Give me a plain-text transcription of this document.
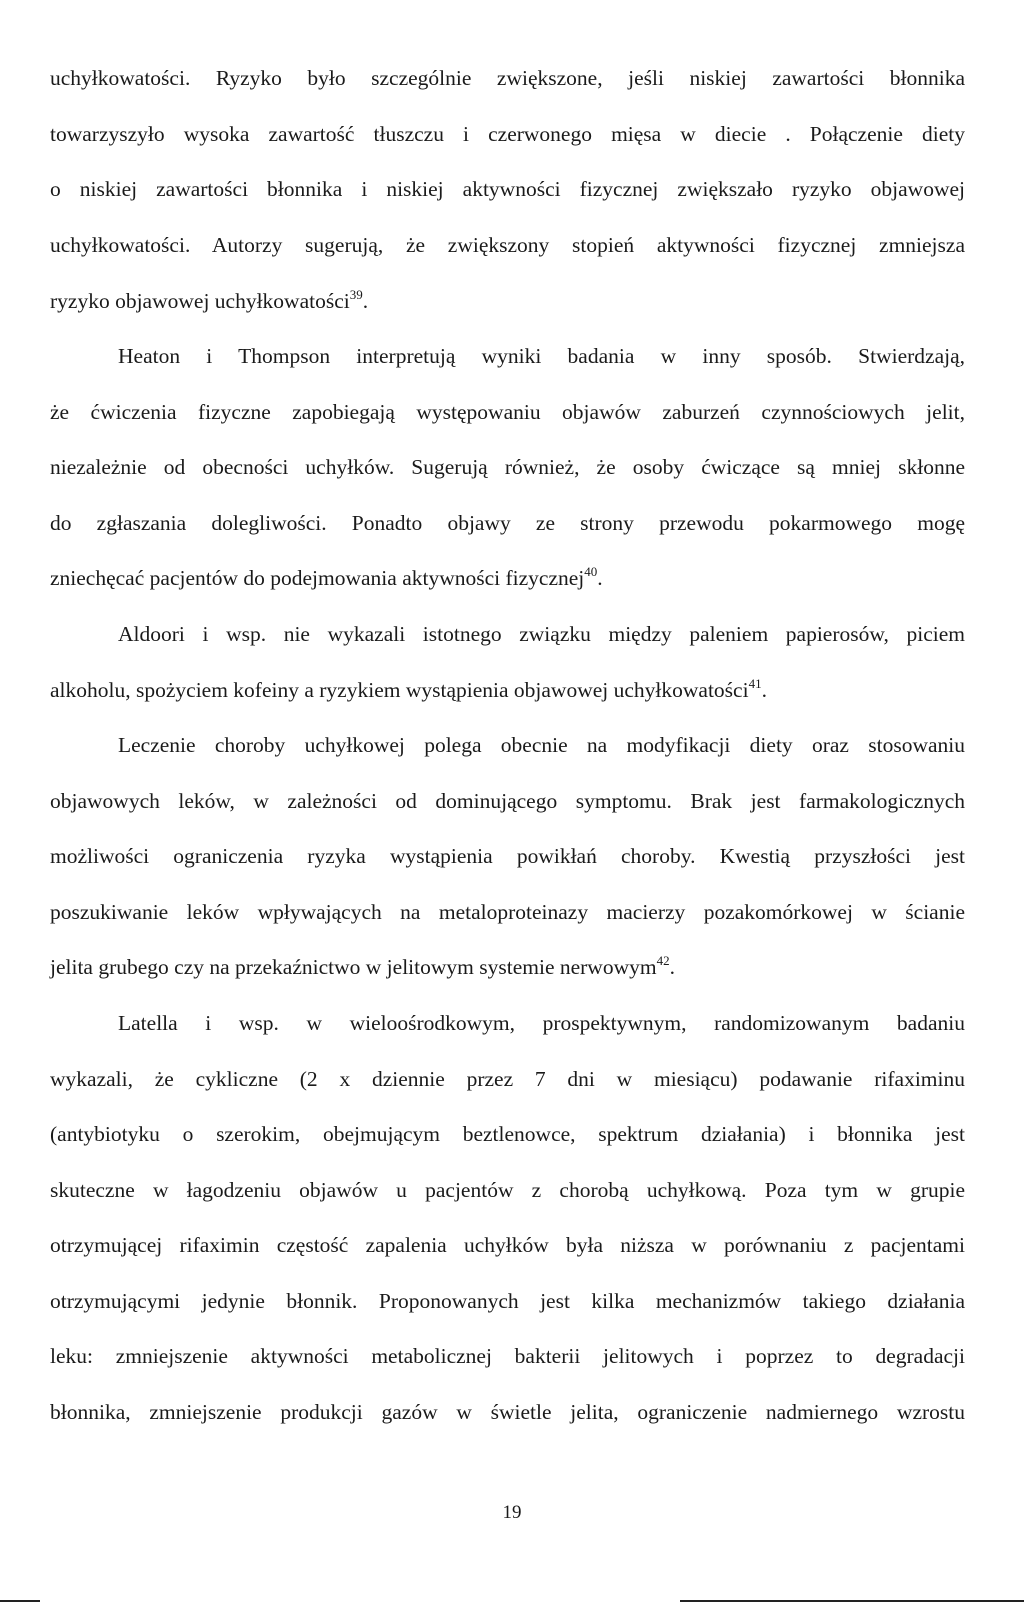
uchyłkowatości. Ryzyko było szczególnie zwiększone, jeśli niskiej zawartości błonnika
towarzyszyło wysoka zawartość tłuszczu i czerwonego mięsa w diecie . Połączenie diety
o niskiej zawartości błonnika i niskiej aktywności fizycznej zwiększało ryzyko objawowej
uchyłkowatości. Autorzy sugerują, że zwiększony stopień aktywności fizycznej zmniejsza
ryzyko objawowej uchyłkowatości$^{39}$.
Heaton i Thompson interpretują wyniki badania w inny sposób. Stwierdzają,
że ćwiczenia fizyczne zapobiegają występowaniu objawów zaburzeń czynnościowych jelit,
niezależnie od obecności uchyłków. Sugerują również, że osoby ćwiczące są mniej skłonne
do zgłaszania dolegliwości. Ponadto objawy ze strony przewodu pokarmowego mogę
zniechęcać pacjentów do podejmowania aktywności fizycznej$^{40}$.
Aldoori i wsp. nie wykazali istotnego związku między paleniem papierosów, piciem
alkoholu, spożyciem kofeiny a ryzykiem wystąpienia objawowej uchyłkowatości$^{41}$.
Leczenie choroby uchyłkowej polega obecnie na modyfikacji diety oraz stosowaniu
objawowych leków, w zależności od dominującego symptomu. Brak jest farmakologicznych
możliwości ograniczenia ryzyka wystąpienia powikłań choroby. Kwestią przyszłości jest
poszukiwanie leków wpływających na metaloproteinazy macierzy pozakomórkowej w ścianie
jelita grubego czy na przekaźnictwo w jelitowym systemie nerwowym$^{42}$.
Latella i wsp. w wieloośrodkowym, prospektywnym, randomizowanym badaniu
wykazali, że cykliczne (2 x dziennie przez 7 dni w miesiącu) podawanie rifaximinu
(antybiotyku o szerokim, obejmującym beztlenowce, spektrum działania) i błonnika jest
skuteczne w łagodzeniu objawów u pacjentów z chorobą uchyłkową. Poza tym w grupie
otrzymującej rifaximin częstość zapalenia uchyłków była niższa w porównaniu z pacjentami
otrzymującymi jedynie błonnik. Proponowanych jest kilka mechanizmów takiego działania
leku: zmniejszenie aktywności metabolicznej bakterii jelitowych i poprzez to degradacji
błonnika, zmniejszenie produkcji gazów w świetle jelita, ograniczenie nadmiernego wzrostu
19
